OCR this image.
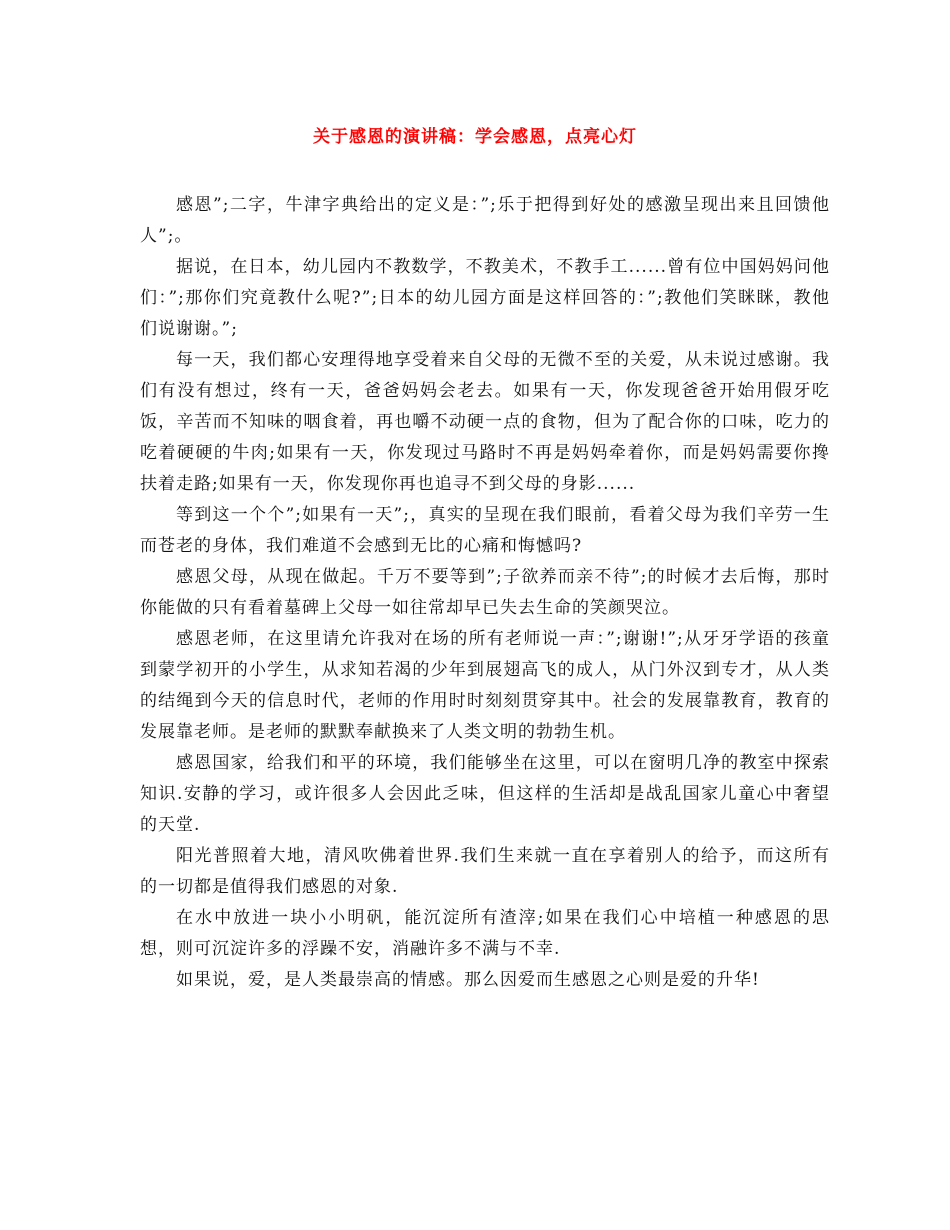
关于感恩的演讲稿：学会感恩，点亮心灯

感恩”;二字，牛津字典给出的定义是：”;乐于把得到好处的感激呈现出来且回馈他人”;。

据说，在日本，幼儿园内不教数学，不教美术，不教手工......曾有位中国妈妈问他们：”;那你们究竟教什么呢?”;日本的幼儿园方面是这样回答的：”;教他们笑眯眯，教他们说谢谢。”;

每一天，我们都心安理得地享受着来自父母的无微不至的关爱，从未说过感谢。我们有没有想过，终有一天，爸爸妈妈会老去。如果有一天，你发现爸爸开始用假牙吃饭，辛苦而不知味的咽食着，再也嚼不动硬一点的食物，但为了配合你的口味，吃力的吃着硬硬的牛肉;如果有一天，你发现过马路时不再是妈妈牵着你，而是妈妈需要你搀扶着走路;如果有一天，你发现你再也追寻不到父母的身影......

等到这一个个”;如果有一天”;，真实的呈现在我们眼前，看着父母为我们辛劳一生而苍老的身体，我们难道不会感到无比的心痛和悔憾吗?

感恩父母，从现在做起。千万不要等到”;子欲养而亲不待”;的时候才去后悔，那时你能做的只有看着墓碑上父母一如往常却早已失去生命的笑颜哭泣。

感恩老师，在这里请允许我对在场的所有老师说一声：”;谢谢!”;从牙牙学语的孩童到蒙学初开的小学生，从求知若渴的少年到展翅高飞的成人，从门外汉到专才，从人类的结绳到今天的信息时代，老师的作用时时刻刻贯穿其中。社会的发展靠教育，教育的发展靠老师。是老师的默默奉献换来了人类文明的勃勃生机。

感恩国家，给我们和平的环境，我们能够坐在这里，可以在窗明几净的教室中探索知识.安静的学习，或许很多人会因此乏味，但这样的生活却是战乱国家儿童心中奢望的天堂.

阳光普照着大地，清风吹佛着世界.我们生来就一直在享着别人的给予，而这所有的一切都是值得我们感恩的对象.

在水中放进一块小小明矾，能沉淀所有渣滓;如果在我们心中培植一种感恩的思想，则可沉淀许多的浮躁不安，消融许多不满与不幸.

如果说，爱，是人类最崇高的情感。那么因爱而生感恩之心则是爱的升华!
